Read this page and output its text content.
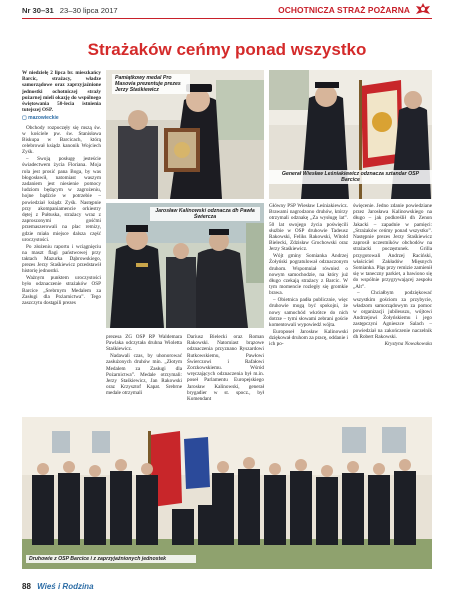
Nr 30–31 23–30 lipca 2017	OCHOTNICZA STRAŻ POŻARNA
Strażaków ceńmy ponad wszystko

W niedzielę 2 lipca br. mieszkańcy Barcic, strażacy, władze samorządowe oraz zaprzyjaźnione jednostki ochotniczej straży pożarnej mieli okazję do wspólnego świętowania 50-lecia istnienia tutejszej OSP.

▢ mazowieckie

Obchody rozpoczęły się mszą św. w kościele pw. św. Stanisława Biskupa w Barcicach, którą celebrował ksiądz kanonik Wojciech Zyśk.

– Swoją posługę jesteście świadectwem życia Floriana. Moja rola jest prosić pana Boga, by was błogosławił, natomiast waszym zadaniem jest niesienie pomocy ludziom będącym w zagrożeniu, hojne bądźcie w potrzebie – powiedział ksiądz Zyśk. Następnie przy akompaniamencie orkiestry dętej z Pułtuska, strażacy wraz z zaproszonymi gośćmi przemaszerowali na plac remizy, gdzie miała miejsce dalsza część uroczystości.

Po złożeniu raportu i wciągnięciu na maszt flagi państwowej przy taktach Mazurka Dąbrowskiego, prezes Jerzy Staśkiewicz przedstawił historię jednostki.

Ważnym punktem uroczystości było odznaczenie strażaków OSP Barcice „Srebrnym Medalem za Zasługi dla Pożarnictwa”. Tego zaszczytu dostąpili prezes

Pamiątkowy medal Pro Masovia prezentuje prezes Jerzy Staśkiewicz
Generał Wiesław Leśniakiewicz odznacza sztandar OSP Barcice
Jarosław Kalinowski odznacza dh Pawła Świercza

prezesa ZG OSP RP Waldemara Pawlaka odczytała druhna Wioletta Staśkiewicz.

Nadawali czas, by uhonorować zasłużonych druhów min. „Złotym Medalem za Zasługi dla Pożarnictwa”. Medale otrzymali: Jerzy Staśkiewicz, Jan Rakowski oraz Krzysztof Kapat. Srebrne medale otrzymali

Dariusz Bielecki oraz Roman Rakowski. Natomiast brązowe odznaczenia przyznano Ryszardowi Rutkowskiemu, Pawłowi Świerczowi i Rafałowi Zorzkowskiemu. Wśród wręczających odznaczenia był m.in. poseł Parlamentu Europejskiego Jarosław Kalinowski, generał brygadier w st. spocz., był Komendant

Główny PSP Wiesław Leśniakiewicz. Brawami nagrodzono druhów, którzy otrzymali odznakę „Za wysługę lat”. 50 lat swojego życia poświęcili służbie w OSP druhowie Tadeusz Rakowski, Feliks Rakowski, Witold Bielecki, Zdzisław Grochowski oraz Jerzy Staśkiewicz.

Wójt gminy Somianka Andrzej Żołyński pogratulował odznaczonym druhom. Wspomniał również o nowym samochodzie, na który już długo czekają strażacy z Barcic. W tym momencie rozległy się gromkie brawa.

– Obietnica padła publicznie, więc druhowie mogą być spokojni, że nowy samochód wkrótce do nich dotrze – tymi słowami zebrani goście komentowali wypowiedź wójta.

Europoseł Jarosław Kalinowski dziękował druhom za pracę, oddanie i ich po-

święcenie. Jedno zdanie powiedziane przez Jarosława Kalinowskiego na długo – jak podkreślił dh Zenon Jakacki – zapadnie w pamięci: „Strażaków ceńmy ponad wszystko”. Następnie prezes Jerzy Staśkiewicz zaprosił uczestników obchodów na strażacki poczęstunek. Grilla przygotowali Andrzej Raciński, właściciel Zakładów Mięsnych Somianka. Pląs przy remizie zamienił się w taneczny parkiet, a bawiono się do wspólnie przygrywającej zespołu „Alt”.

– Chciałbym podziękować wszystkim gościom za przybycie, władzom samorządowym za pomoc w organizacji jubileuszu, wójtowi Andrzejowi Żołyńskiemu i jego zastępczyni Agnieszce Salach – powiedział na zakończenie naczelnik dh Robert Rakowski.

Krystyna Nowakowska

Druhowie z OSP Barcice i z zaprzyjaźnionych jednostek
88 Wieś i Rodzina
